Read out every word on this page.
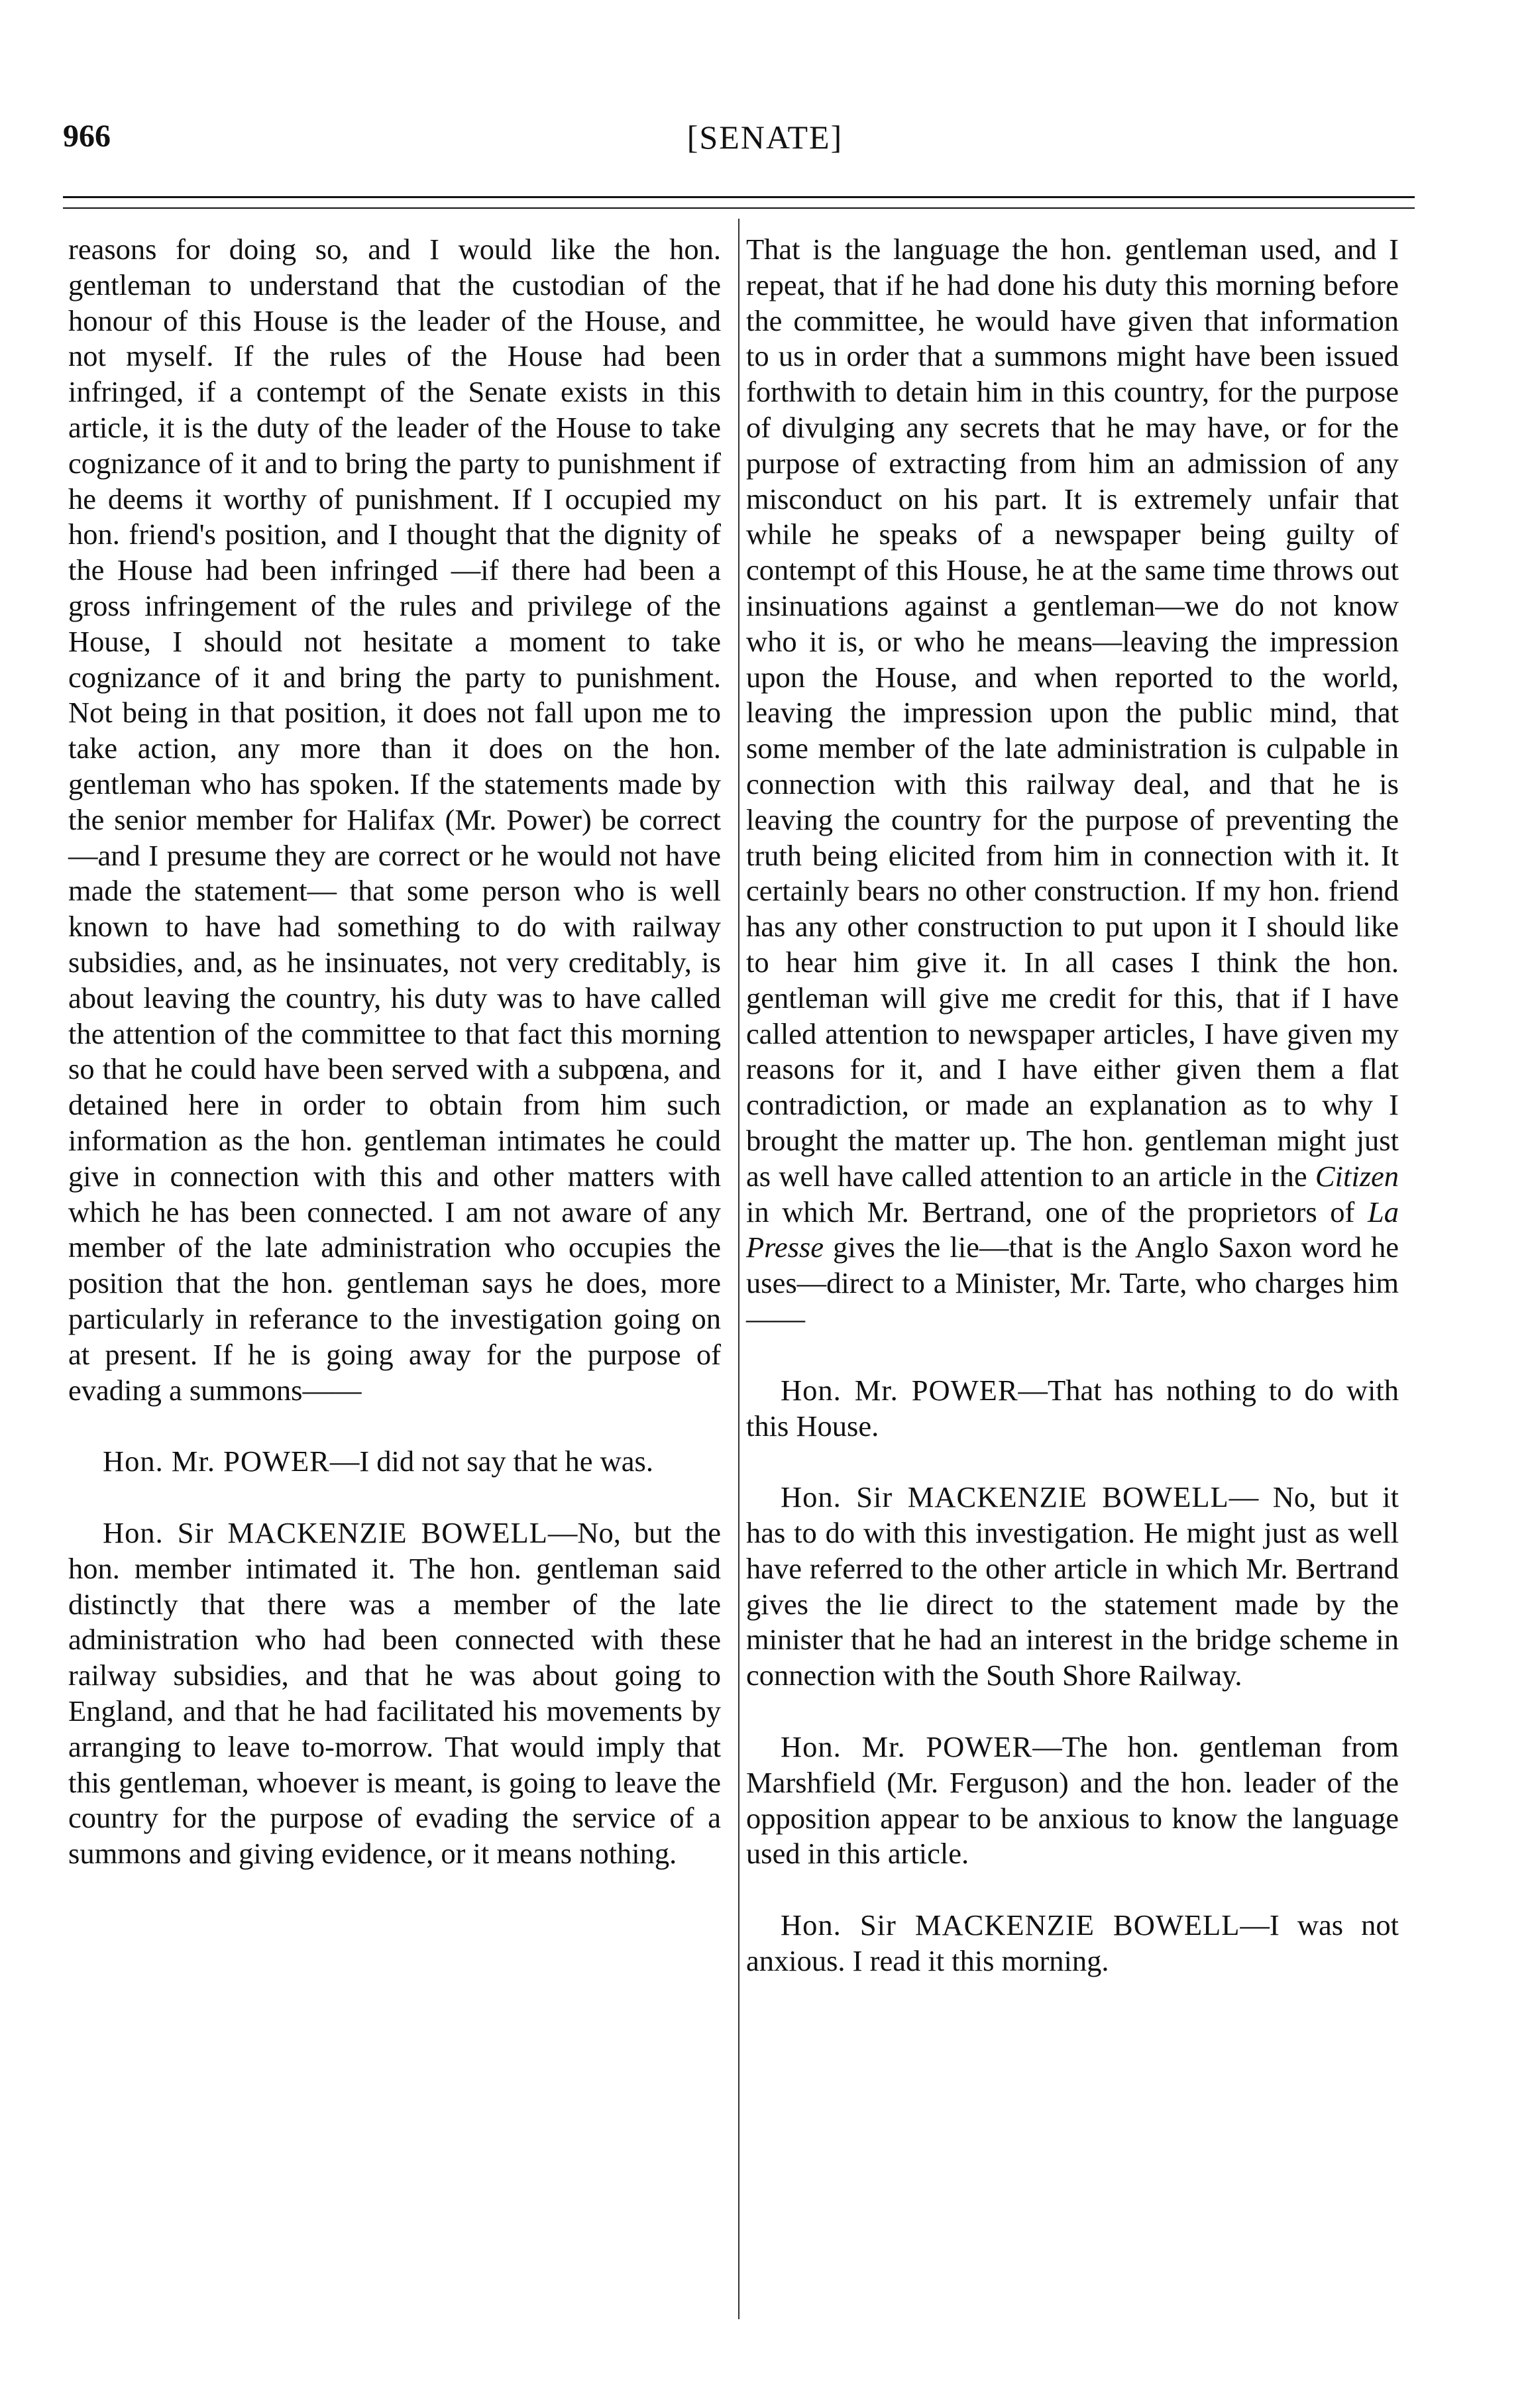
966	[SENATE]

reasons for doing so, and I would like the hon. gentleman to understand that the custodian of the honour of this House is the leader of the House, and not myself. If the rules of the House had been infringed, if a contempt of the Senate exists in this article, it is the duty of the leader of the House to take cognizance of it and to bring the party to punishment if he deems it worthy of punishment. If I occupied my hon. friend's position, and I thought that the dignity of the House had been infringed —if there had been a gross infringement of the rules and privilege of the House, I should not hesitate a moment to take cognizance of it and bring the party to punishment. Not being in that position, it does not fall upon me to take action, any more than it does on the hon. gentleman who has spoken. If the statements made by the senior member for Halifax (Mr. Power) be correct—and I presume they are correct or he would not have made the statement— that some person who is well known to have had something to do with railway subsidies, and, as he insinuates, not very creditably, is about leaving the country, his duty was to have called the attention of the committee to that fact this morning so that he could have been served with a subpœna, and detained here in order to obtain from him such information as the hon. gentleman intimates he could give in connection with this and other matters with which he has been connected. I am not aware of any member of the late administration who occupies the position that the hon. gentleman says he does, more particularly in referance to the investigation going on at present. If he is going away for the purpose of evading a summons——

Hon. Mr. POWER—I did not say that he was.

Hon. Sir MACKENZIE BOWELL—No, but the hon. member intimated it. The hon. gentleman said distinctly that there was a member of the late administration who had been connected with these railway subsidies, and that he was about going to England, and that he had facilitated his movements by arranging to leave to-morrow. That would imply that this gentleman, whoever is meant, is going to leave the country for the purpose of evading the service of a summons and giving evidence, or it means nothing.

That is the language the hon. gentleman used, and I repeat, that if he had done his duty this morning before the committee, he would have given that information to us in order that a summons might have been issued forthwith to detain him in this country, for the purpose of divulging any secrets that he may have, or for the purpose of extracting from him an admission of any misconduct on his part. It is extremely unfair that while he speaks of a newspaper being guilty of contempt of this House, he at the same time throws out insinuations against a gentleman—we do not know who it is, or who he means—leaving the impression upon the House, and when reported to the world, leaving the impression upon the public mind, that some member of the late administration is culpable in connection with this railway deal, and that he is leaving the country for the purpose of preventing the truth being elicited from him in connection with it. It certainly bears no other construction. If my hon. friend has any other construction to put upon it I should like to hear him give it. In all cases I think the hon. gentleman will give me credit for this, that if I have called attention to newspaper articles, I have given my reasons for it, and I have either given them a flat contradiction, or made an explanation as to why I brought the matter up. The hon. gentleman might just as well have called attention to an article in the Citizen in which Mr. Bertrand, one of the proprietors of La Presse gives the lie—that is the Anglo Saxon word he uses—direct to a Minister, Mr. Tarte, who charges him ——

Hon. Mr. POWER—That has nothing to do with this House.

Hon. Sir MACKENZIE BOWELL— No, but it has to do with this investigation. He might just as well have referred to the other article in which Mr. Bertrand gives the lie direct to the statement made by the minister that he had an interest in the bridge scheme in connection with the South Shore Railway.

Hon. Mr. POWER—The hon. gentleman from Marshfield (Mr. Ferguson) and the hon. leader of the opposition appear to be anxious to know the language used in this article.

Hon. Sir MACKENZIE BOWELL—I was not anxious. I read it this morning.
